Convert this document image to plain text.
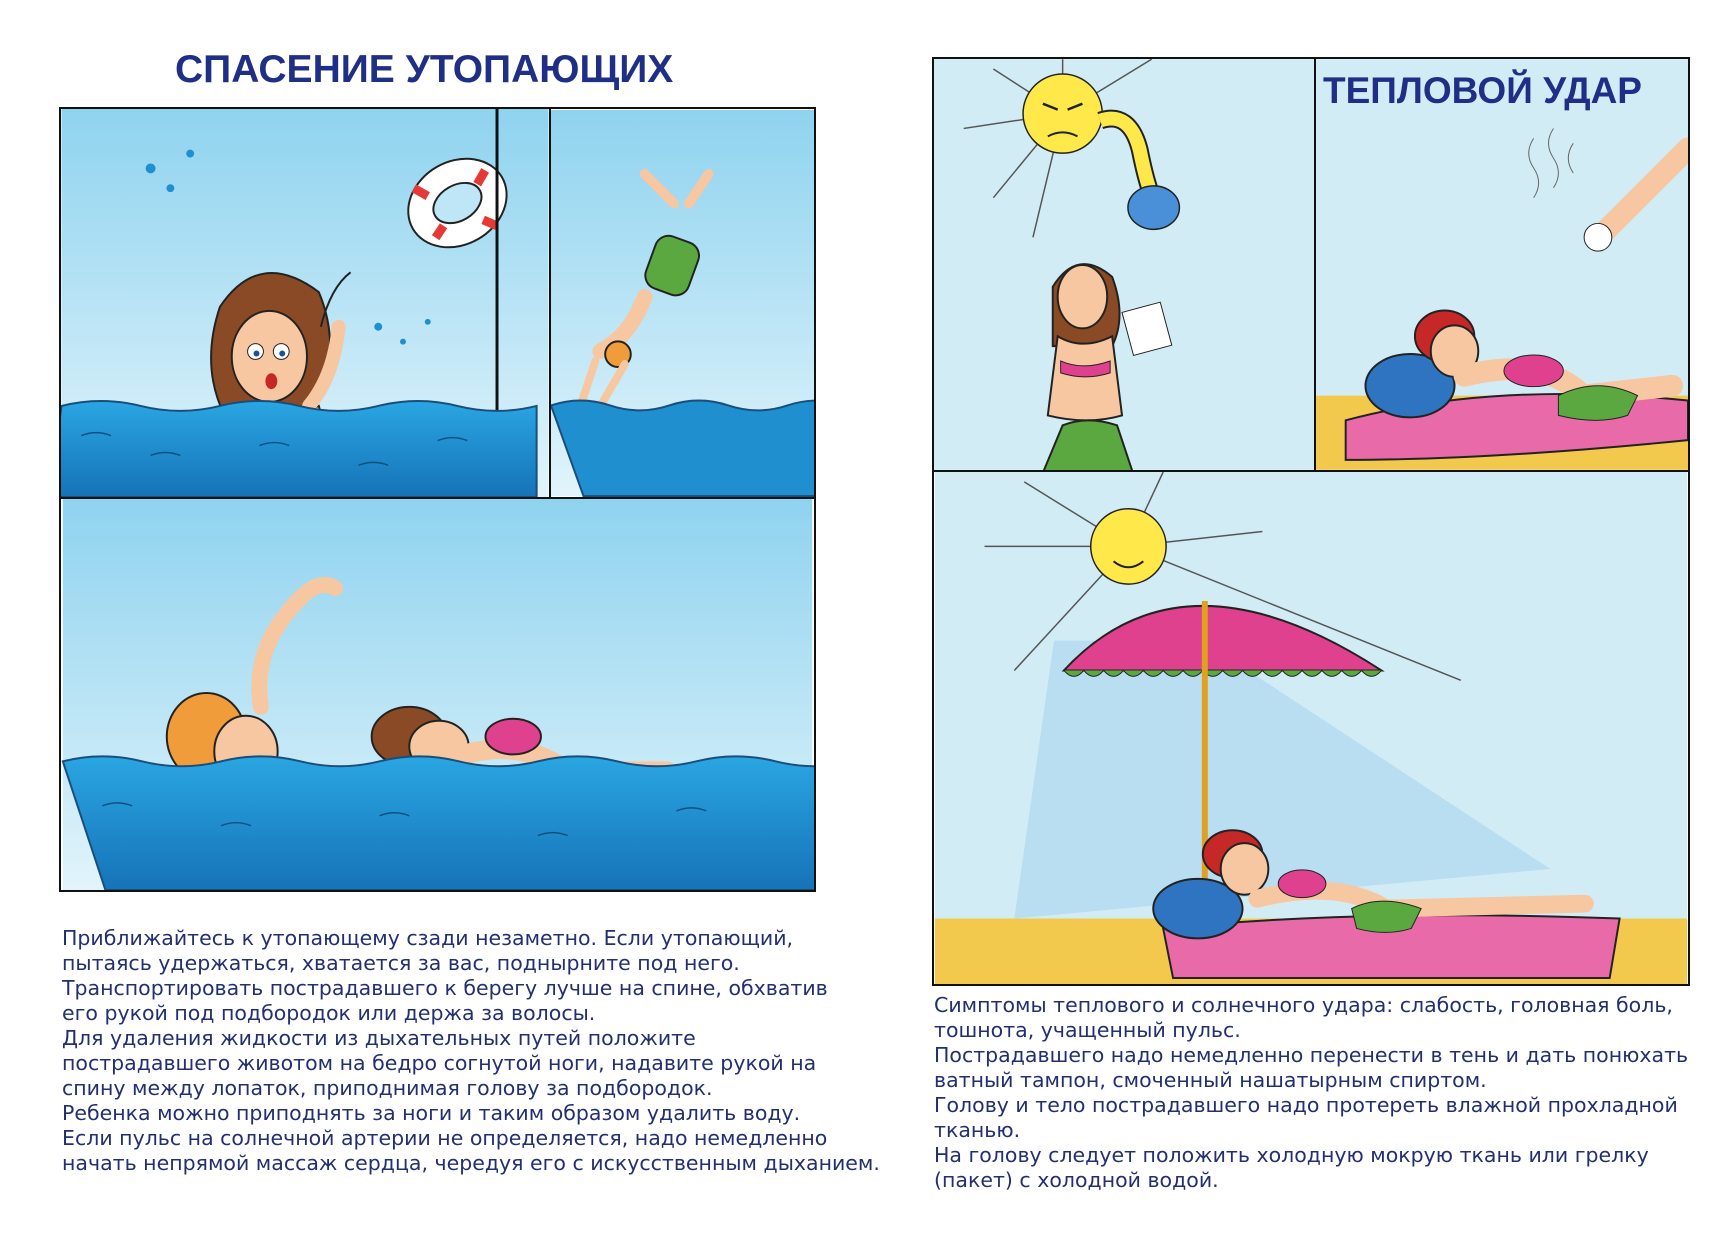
СПАСЕНИЕ УТОПАЮЩИХ

Приближайтесь к утопающему сзади незаметно. Если утопающий,

пытаясь удержаться, хватается за вас, поднырните под него.

Транспортировать пострадавшего к берегу лучше на спине, обхватив

его рукой под подбородок или держа за волосы.

Для удаления жидкости из дыхательных путей положите

пострадавшего животом на бедро согнутой ноги, надавите рукой на

спину между лопаток, приподнимая голову за подбородок.

Ребенка можно приподнять за ноги и таким образом удалить воду.

Если пульс на солнечной артерии не определяется, надо немедленно

начать непрямой массаж сердца, чередуя его с искусственным дыханием.

ТЕПЛОВОЙ УДАР

Симптомы теплового и солнечного удара: слабость, головная боль,

тошнота, учащенный пульс.

Пострадавшего надо немедленно перенести в тень и дать понюхать

ватный тампон, смоченный нашатырным спиртом.

Голову и тело пострадавшего надо протереть влажной прохладной

тканью.

На голову следует положить холодную мокрую ткань или грелку

(пакет) с холодной водой.
